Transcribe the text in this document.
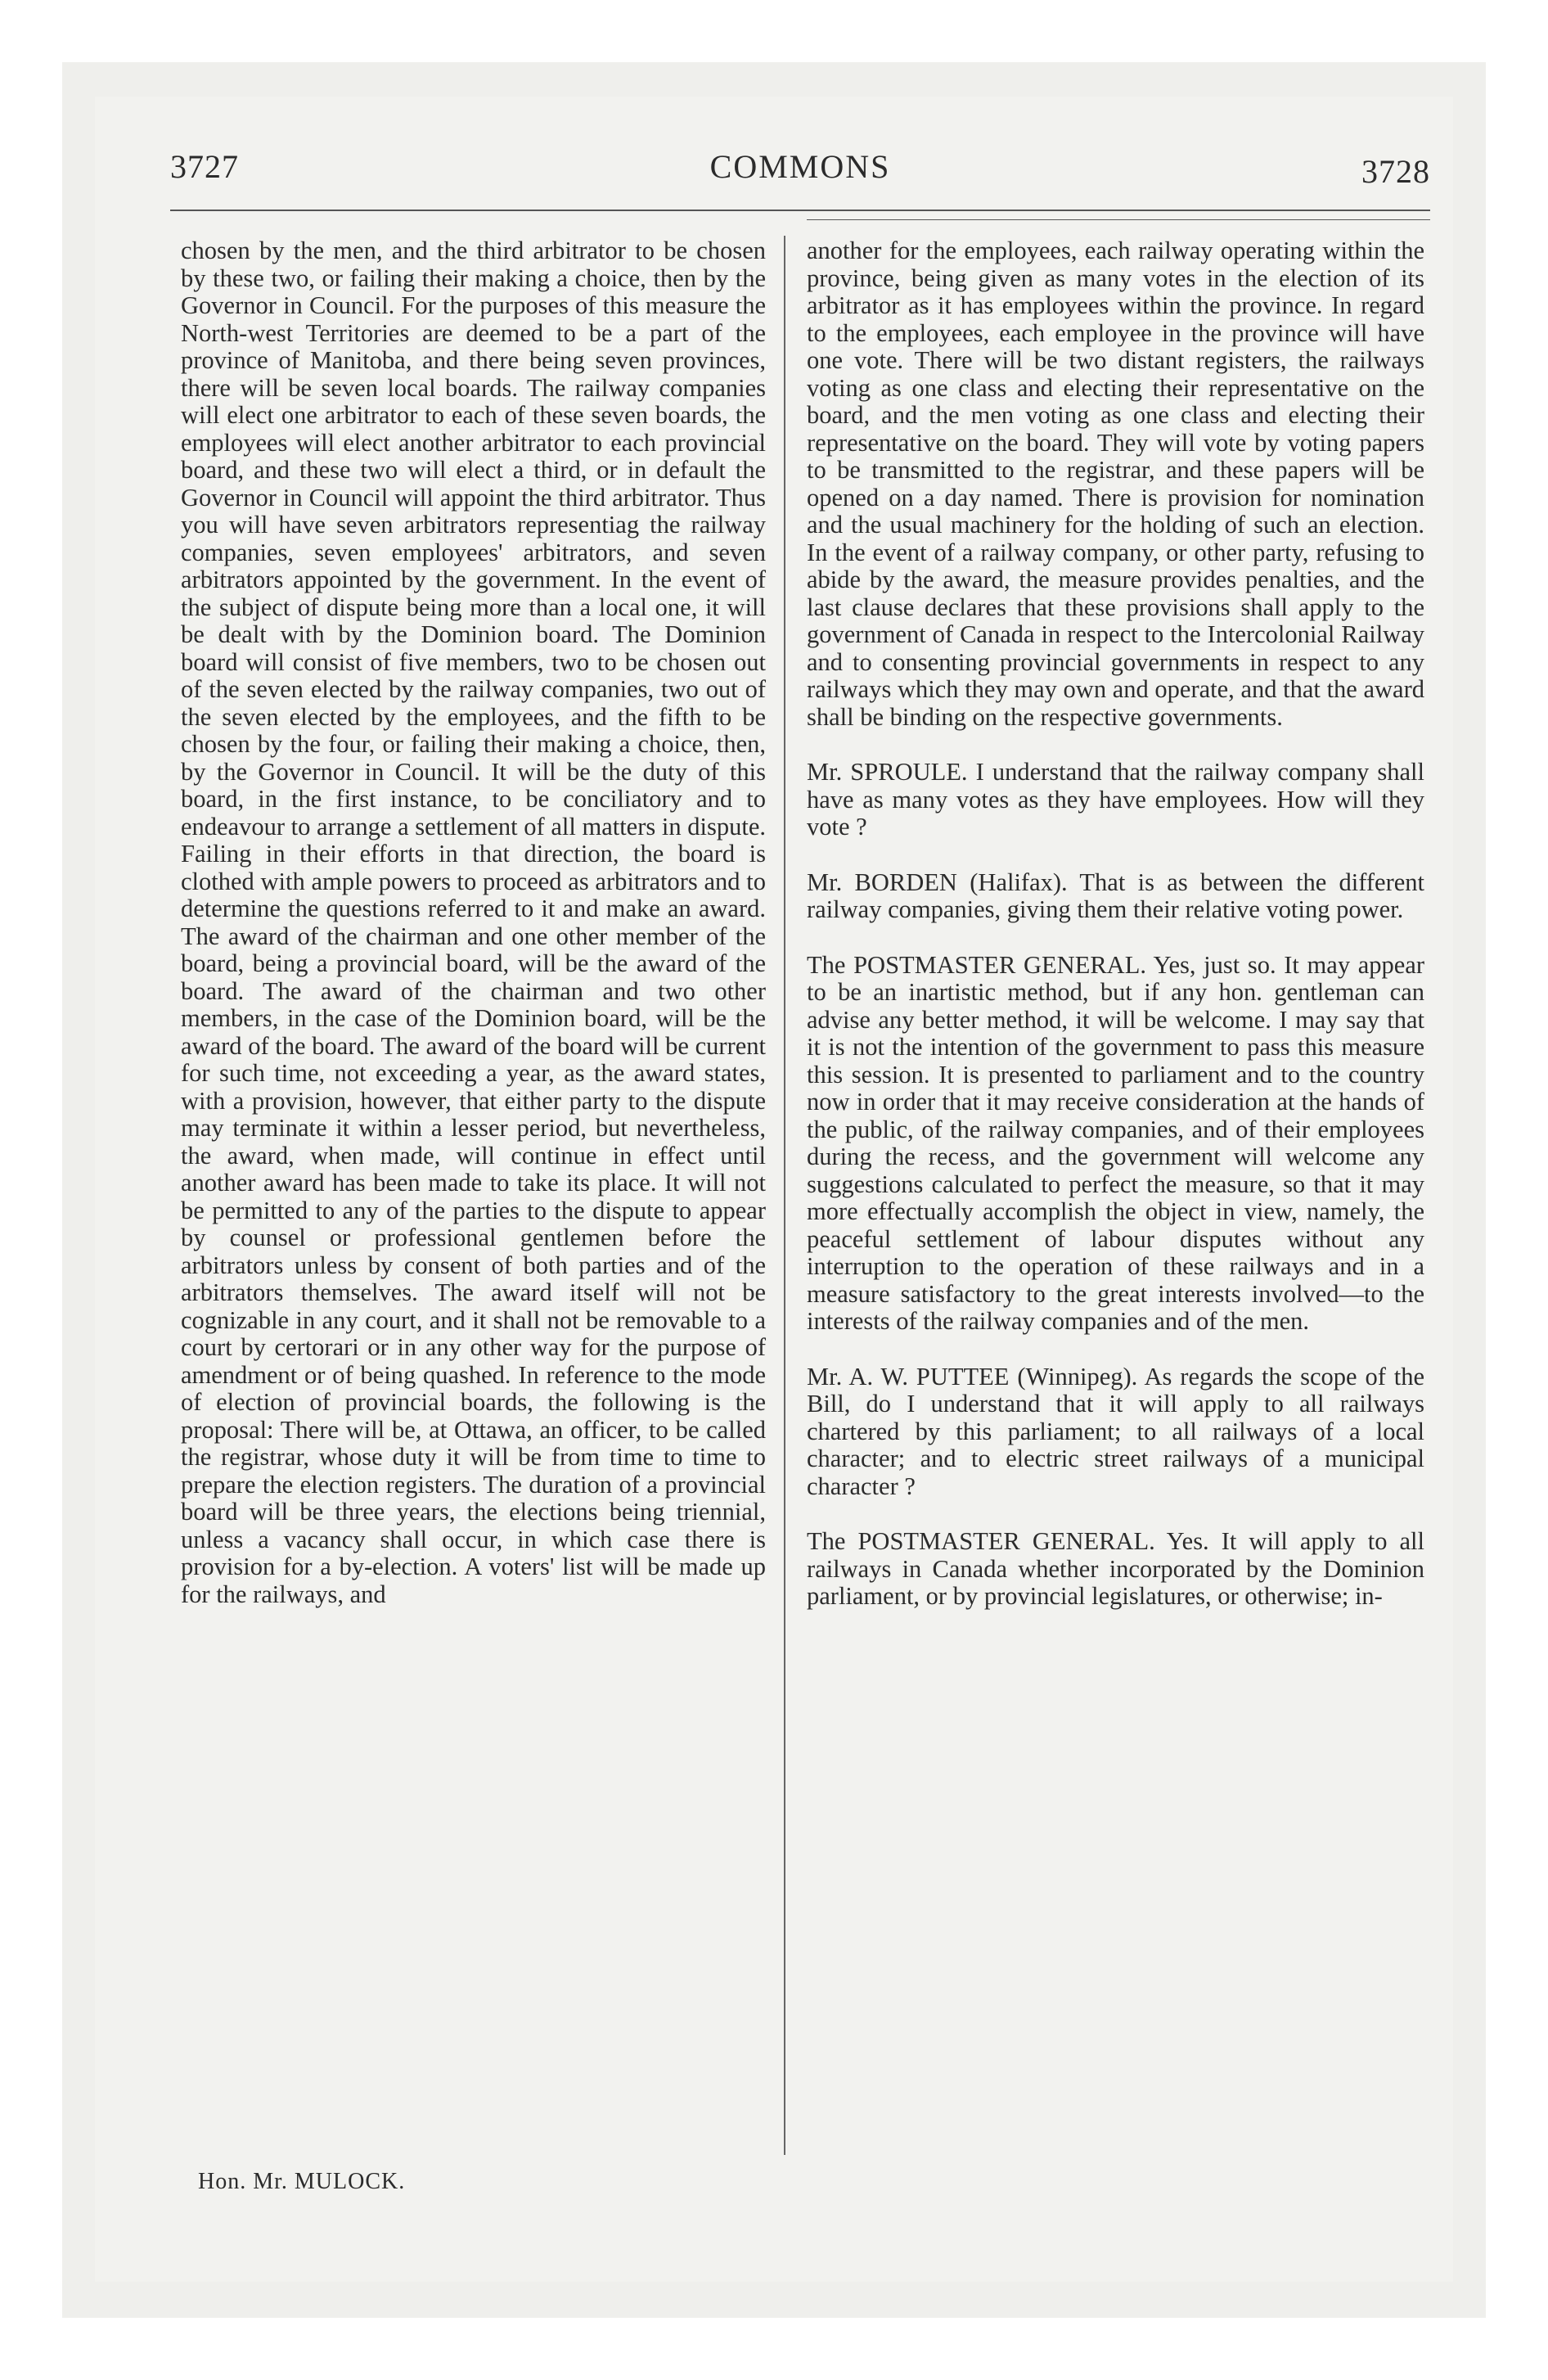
3727	COMMONS	3728

chosen by the men, and the third arbitrator to be chosen by these two, or failing their making a choice, then by the Governor in Council. For the purposes of this measure the North-west Territories are deemed to be a part of the province of Manitoba, and there being seven provinces, there will be seven local boards. The railway companies will elect one arbitrator to each of these seven boards, the employees will elect another arbitrator to each provincial board, and these two will elect a third, or in default the Governor in Council will appoint the third arbitrator. Thus you will have seven arbitrators representiag the railway companies, seven employees' arbitrators, and seven arbitrators appointed by the government. In the event of the subject of dispute being more than a local one, it will be dealt with by the Dominion board. The Dominion board will consist of five members, two to be chosen out of the seven elected by the railway companies, two out of the seven elected by the employees, and the fifth to be chosen by the four, or failing their making a choice, then, by the Governor in Council. It will be the duty of this board, in the first instance, to be conciliatory and to endeavour to arrange a settlement of all matters in dispute. Failing in their efforts in that direction, the board is clothed with ample powers to proceed as arbitrators and to determine the questions referred to it and make an award. The award of the chairman and one other member of the board, being a provincial board, will be the award of the board. The award of the chairman and two other members, in the case of the Dominion board, will be the award of the board. The award of the board will be current for such time, not exceeding a year, as the award states, with a provision, however, that either party to the dispute may terminate it within a lesser period, but nevertheless, the award, when made, will continue in effect until another award has been made to take its place. It will not be permitted to any of the parties to the dispute to appear by counsel or professional gentlemen before the arbitrators unless by consent of both parties and of the arbitrators themselves. The award itself will not be cognizable in any court, and it shall not be removable to a court by certorari or in any other way for the purpose of amendment or of being quashed. In reference to the mode of election of provincial boards, the following is the proposal: There will be, at Ottawa, an officer, to be called the registrar, whose duty it will be from time to time to prepare the election registers. The duration of a provincial board will be three years, the elections being triennial, unless a vacancy shall occur, in which case there is provision for a by-election. A voters' list will be made up for the railways, and

Hon. Mr. MULOCK.

another for the employees, each railway operating within the province, being given as many votes in the election of its arbitrator as it has employees within the province. In regard to the employees, each employee in the province will have one vote. There will be two distant registers, the railways voting as one class and electing their representative on the board, and the men voting as one class and electing their representative on the board. They will vote by voting papers to be transmitted to the registrar, and these papers will be opened on a day named. There is provision for nomination and the usual machinery for the holding of such an election. In the event of a railway company, or other party, refusing to abide by the award, the measure provides penalties, and the last clause declares that these provisions shall apply to the government of Canada in respect to the Intercolonial Railway and to consenting provincial governments in respect to any railways which they may own and operate, and that the award shall be binding on the respective governments.

Mr. SPROULE. I understand that the railway company shall have as many votes as they have employees. How will they vote ?

Mr. BORDEN (Halifax). That is as between the different railway companies, giving them their relative voting power.

The POSTMASTER GENERAL. Yes, just so. It may appear to be an inartistic method, but if any hon. gentleman can advise any better method, it will be welcome. I may say that it is not the intention of the government to pass this measure this session. It is presented to parliament and to the country now in order that it may receive consideration at the hands of the public, of the railway companies, and of their employees during the recess, and the government will welcome any suggestions calculated to perfect the measure, so that it may more effectually accomplish the object in view, namely, the peaceful settlement of labour disputes without any interruption to the operation of these railways and in a measure satisfactory to the great interests involved—to the interests of the railway companies and of the men.

Mr. A. W. PUTTEE (Winnipeg). As regards the scope of the Bill, do I understand that it will apply to all railways chartered by this parliament; to all railways of a local character; and to electric street railways of a municipal character ?

The POSTMASTER GENERAL. Yes. It will apply to all railways in Canada whether incorporated by the Dominion parliament, or by provincial legislatures, or otherwise; in-
